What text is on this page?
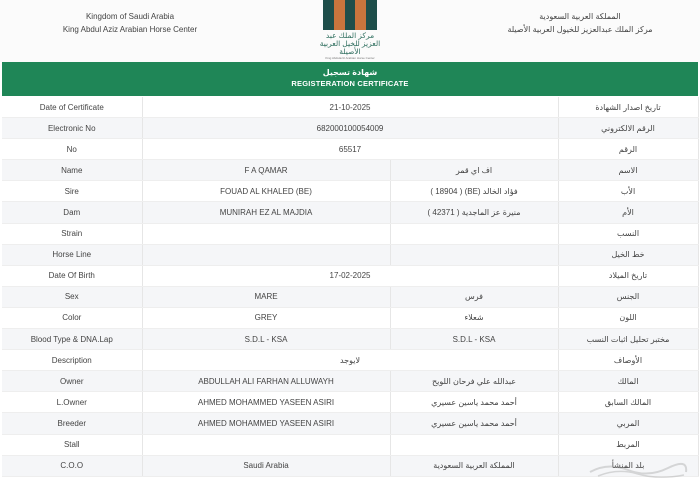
Kingdom of Saudi Arabia
King Abdul Aziz Arabian Horse Center
مركز الملك عبد العزيز للخيل العربية الأصيلة
King Abdulaziz Arabian Horse Center
المملكة العربية السعودية
مركز الملك عبدالعزيز للخيول العربية الأصيلة
شهادة تسجيل
REGISTERATION CERTIFICATE
Date of Certificate	21-10-2025		تاريخ اصدار الشهادة
Electronic No	682000100054009		الرقم الالكتروني
No	65517		الرقم
Name	F A QAMAR	اف اي قمر	الاسم
Sire	FOUAD AL KHALED (BE)	فؤاد الخالد (BE) ( 18904 )	الأب
Dam	MUNIRAH EZ AL MAJDIA	منيرة عز الماجدية ( 42371 )	الأم
Strain			النسب
Horse Line			خط الخيل
Date Of Birth	17-02-2025		تاريخ الميلاد
Sex	MARE	فرس	الجنس
Color	GREY	شعلاء	اللون
Blood Type & DNA.Lap	S.D.L - KSA	S.D.L - KSA	مختبر تحليل اثبات النسب
Description	لايوجد		الأوصاف
Owner	ABDULLAH ALI FARHAN ALLUWAYH	عبدالله علي فرحان اللويح	المالك
L.Owner	AHMED MOHAMMED YASEEN ASIRI	أحمد محمد ياسين عسيري	المالك السابق
Breeder	AHMED MOHAMMED YASEEN ASIRI	أحمد محمد ياسين عسيري	المربي
Stall			المربط
C.O.O	Saudi Arabia	المملكة العربية السعودية	بلد المنشأ
